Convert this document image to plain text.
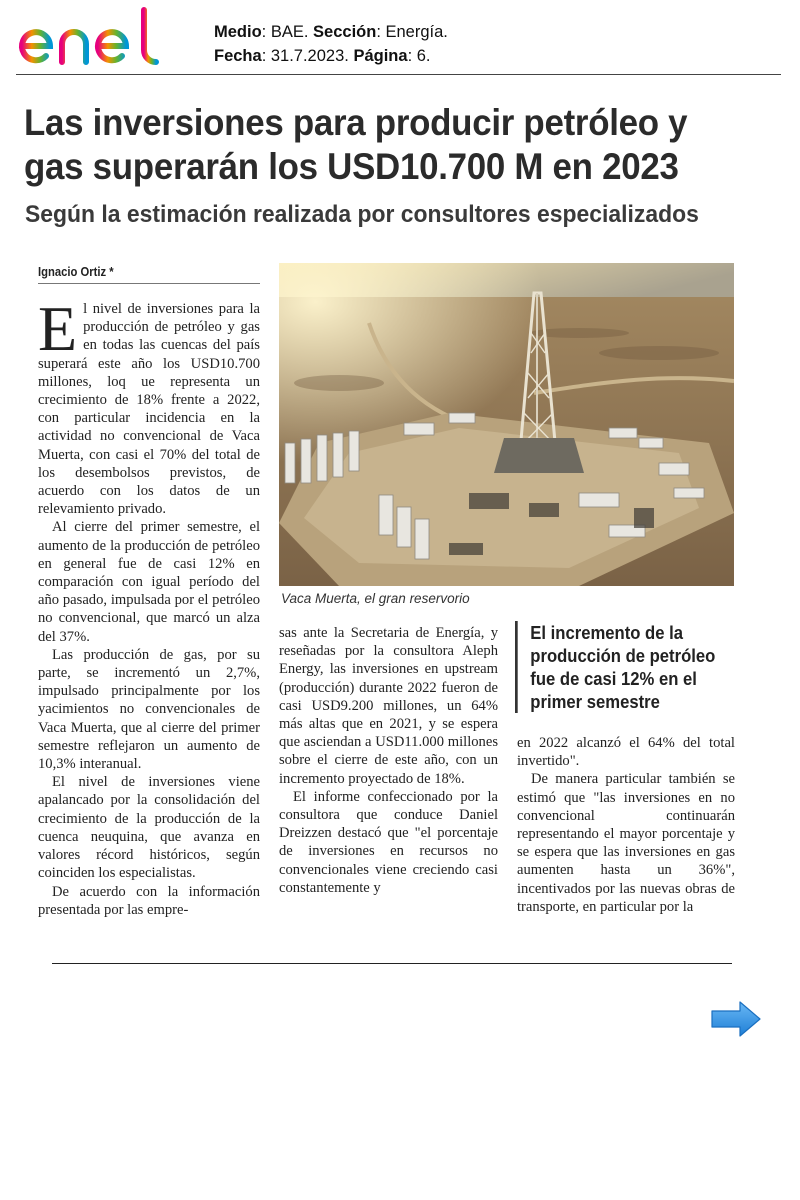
Medio: BAE. Sección: Energía.
Fecha: 31.7.2023. Página: 6.
Las inversiones para producir petróleo y gas superarán los USD10.700 M en 2023
Según la estimación realizada por consultores especializados
Ignacio Ortiz *

El nivel de inversiones para la producción de petróleo y gas en todas las cuencas del país superará este año los USD10.700 millones, loq ue representa un crecimiento de 18% frente a 2022, con particular incidencia en la actividad no convencional de Vaca Muerta, con casi el 70% del total de los desembolsos previstos, de acuerdo con los datos de un relevamiento privado.

Al cierre del primer semestre, el aumento de la producción de petróleo en general fue de casi 12% en comparación con igual período del año pasado, impulsada por el petróleo no convencional, que marcó un alza del 37%.

Las producción de gas, por su parte, se incrementó un 2,7%, impulsado principalmente por los yacimientos no convencionales de Vaca Muerta, que al cierre del primer semestre reflejaron un aumento de 10,3% interanual.

El nivel de inversiones viene apalancado por la consolidación del crecimiento de la producción de la cuenca neuquina, que avanza en valores récord históricos, según coinciden los especialistas.

De acuerdo con la información presentada por las empre-

Vaca Muerta, el gran reservorio

sas ante la Secretaria de Energía, y reseñadas por la consultora Aleph Energy, las inversiones en upstream (producción) durante 2022 fueron de casi USD9.200 millones, un 64% más altas que en 2021, y se espera que asciendan a USD11.000 millones sobre el cierre de este año, con un incremento proyectado de 18%.

El informe confeccionado por la consultora que conduce Daniel Dreizzen destacó que "el porcentaje de inversiones en recursos no convencionales viene creciendo casi constantemente y

El incremento de la producción de petróleo fue de casi 12% en el primer semestre

en 2022 alcanzó el 64% del total invertido".

De manera particular también se estimó que "las inversiones en no convencional continuarán representando el mayor porcentaje y se espera que las inversiones en gas aumenten hasta un 36%", incentivados por las nuevas obras de transporte, en particular por la
